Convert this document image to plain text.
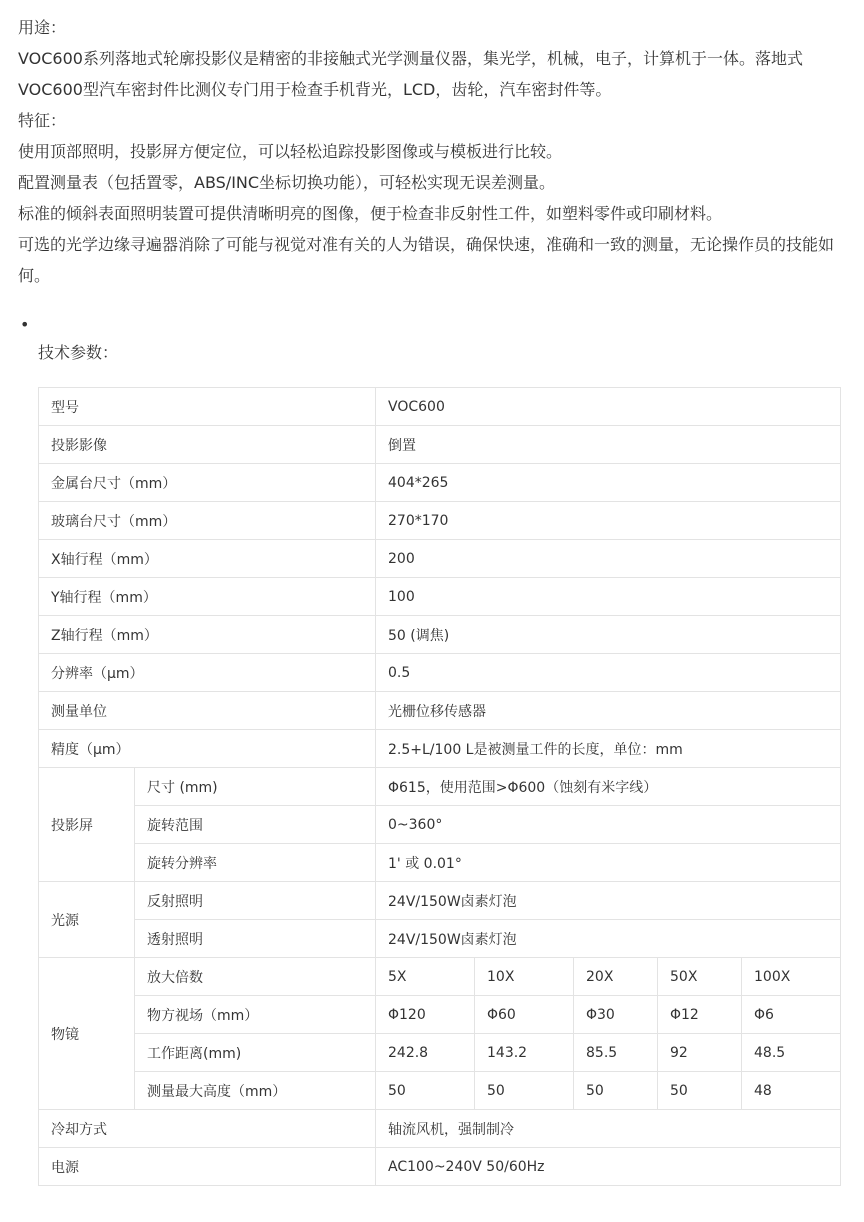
用途：

VOC600系列落地式轮廓投影仪是精密的非接触式光学测量仪器，集光学，机械，电子，计算机于一体。落地式VOC600型汽车密封件比测仪专门用于检查手机背光，LCD，齿轮，汽车密封件等。

特征：

使用顶部照明，投影屏方便定位，可以轻松追踪投影图像或与模板进行比较。

配置测量表（包括置零，ABS/INC坐标切换功能），可轻松实现无误差测量。

标准的倾斜表面照明装置可提供清晰明亮的图像，便于检查非反射性工件，如塑料零件或印刷材料。

可选的光学边缘寻遍器消除了可能与视觉对准有关的人为错误，确保快速，准确和一致的测量，无论操作员的技能如何。

•

技术参数：

型号		VOC600				
投影影像		倒置				
金属台尺寸（mm）		404*265				
玻璃台尺寸（mm）		270*170				
X轴行程（mm）		200				
Y轴行程（mm）		100				
Z轴行程（mm）		50 (调焦)				
分辨率（μm）		0.5				
测量单位		光栅位移传感器				
精度（μm）		2.5+L/100 L是被测量工件的长度，单位：mm				
投影屏	尺寸 (mm)	Φ615，使用范围>Φ600（蚀刻有米字线）				
	旋转范围	0~360°				
	旋转分辨率	1' 或 0.01°				
光源	反射照明	24V/150W卤素灯泡				
	透射照明	24V/150W卤素灯泡				
物镜	放大倍数	5X	10X	20X	50X	100X
	物方视场（mm）	Φ120	Φ60	Φ30	Φ12	Φ6
	工作距离(mm)	242.8	143.2	85.5	92	48.5
	测量最大高度（mm）	50	50	50	50	48
冷却方式		轴流风机，强制制冷				
电源		AC100~240V 50/60Hz				
